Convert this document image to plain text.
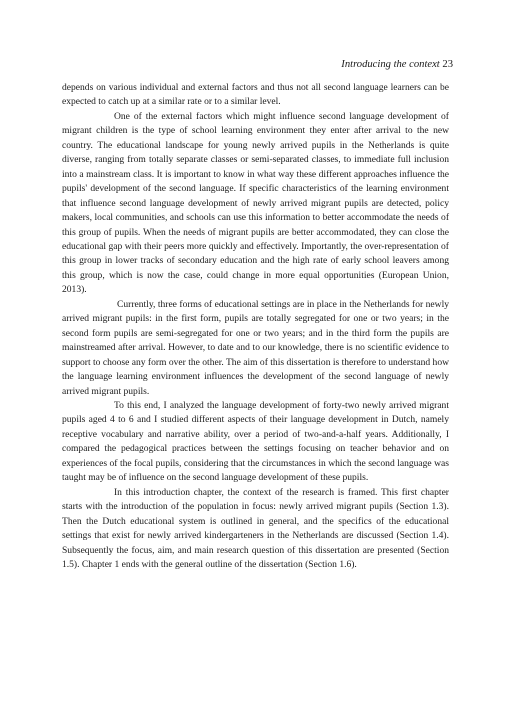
Introducing the context 23

depends on various individual and external factors and thus not all second language learners can be expected to catch up at a similar rate or to a similar level.

One of the external factors which might influence second language development of migrant children is the type of school learning environment they enter after arrival to the new country. The educational landscape for young newly arrived pupils in the Netherlands is quite diverse, ranging from totally separate classes or semi-separated classes, to immediate full inclusion into a mainstream class. It is important to know in what way these different approaches influence the pupils' development of the second language. If specific characteristics of the learning environment that influence second language development of newly arrived migrant pupils are detected, policy makers, local communities, and schools can use this information to better accommodate the needs of this group of pupils. When the needs of migrant pupils are better accommodated, they can close the educational gap with their peers more quickly and effectively. Importantly, the over-representation of this group in lower tracks of secondary education and the high rate of early school leavers among this group, which is now the case, could change in more equal opportunities (European Union, 2013).

Currently, three forms of educational settings are in place in the Netherlands for newly arrived migrant pupils: in the first form, pupils are totally segregated for one or two years; in the second form pupils are semi-segregated for one or two years; and in the third form the pupils are mainstreamed after arrival. However, to date and to our knowledge, there is no scientific evidence to support to choose any form over the other. The aim of this dissertation is therefore to understand how the language learning environment influences the development of the second language of newly arrived migrant pupils.

To this end, I analyzed the language development of forty-two newly arrived migrant pupils aged 4 to 6 and I studied different aspects of their language development in Dutch, namely receptive vocabulary and narrative ability, over a period of two-and-a-half years. Additionally, I compared the pedagogical practices between the settings focusing on teacher behavior and on experiences of the focal pupils, considering that the circumstances in which the second language was taught may be of influence on the second language development of these pupils.

In this introduction chapter, the context of the research is framed. This first chapter starts with the introduction of the population in focus: newly arrived migrant pupils (Section 1.3). Then the Dutch educational system is outlined in general, and the specifics of the educational settings that exist for newly arrived kindergarteners in the Netherlands are discussed (Section 1.4). Subsequently the focus, aim, and main research question of this dissertation are presented (Section 1.5). Chapter 1 ends with the general outline of the dissertation (Section 1.6).
